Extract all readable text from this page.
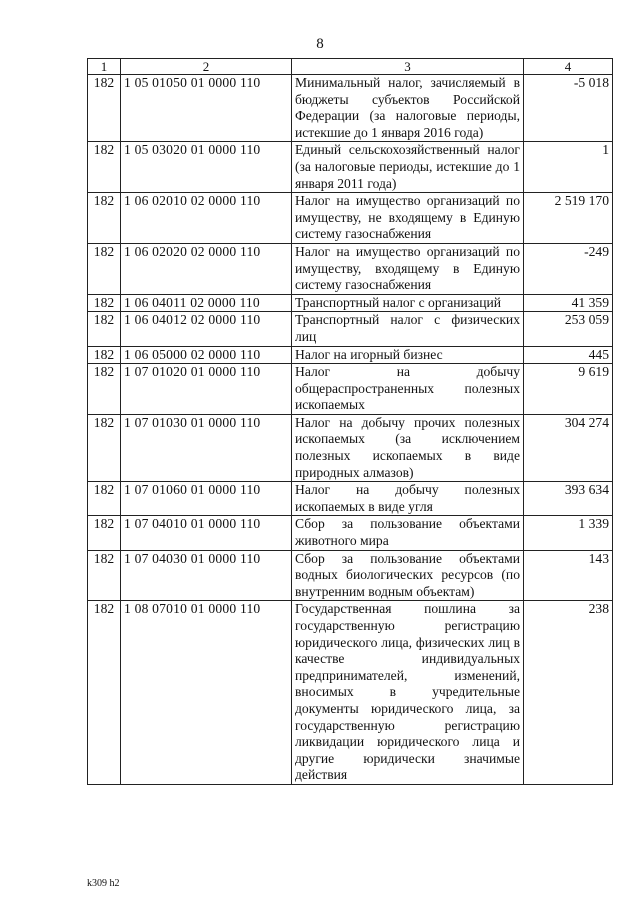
8
1	2	3	4
182	1 05 01050 01 0000 110	Минимальный налог, зачисляемый в бюджеты субъектов Российской Федерации (за налоговые периоды, истекшие до 1 января 2016 года)	-5 018
182	1 05 03020 01 0000 110	Единый сельскохозяйственный налог (за налоговые периоды, истекшие до 1 января 2011 года)	1
182	1 06 02010 02 0000 110	Налог на имущество организаций по имуществу, не входящему в Единую систему газоснабжения	2 519 170
182	1 06 02020 02 0000 110	Налог на имущество организаций по имуществу, входящему в Единую систему газоснабжения	-249
182	1 06 04011 02 0000 110	Транспортный налог с организаций	41 359
182	1 06 04012 02 0000 110	Транспортный налог с физических лиц	253 059
182	1 06 05000 02 0000 110	Налог на игорный бизнес	445
182	1 07 01020 01 0000 110	Налог на добычу общераспространенных полезных ископаемых	9 619
182	1 07 01030 01 0000 110	Налог на добычу прочих полезных ископаемых (за исключением полезных ископаемых в виде природных алмазов)	304 274
182	1 07 01060 01 0000 110	Налог на добычу полезных ископаемых в виде угля	393 634
182	1 07 04010 01 0000 110	Сбор за пользование объектами животного мира	1 339
182	1 07 04030 01 0000 110	Сбор за пользование объектами водных биологических ресурсов (по внутренним водным объектам)	143
182	1 08 07010 01 0000 110	Государственная пошлина за государственную регистрацию юридического лица, физических лиц в качестве индивидуальных предпринимателей, изменений, вносимых в учредительные документы юридического лица, за государственную регистрацию ликвидации юридического лица и другие юридически значимые действия	238
k309 h2
